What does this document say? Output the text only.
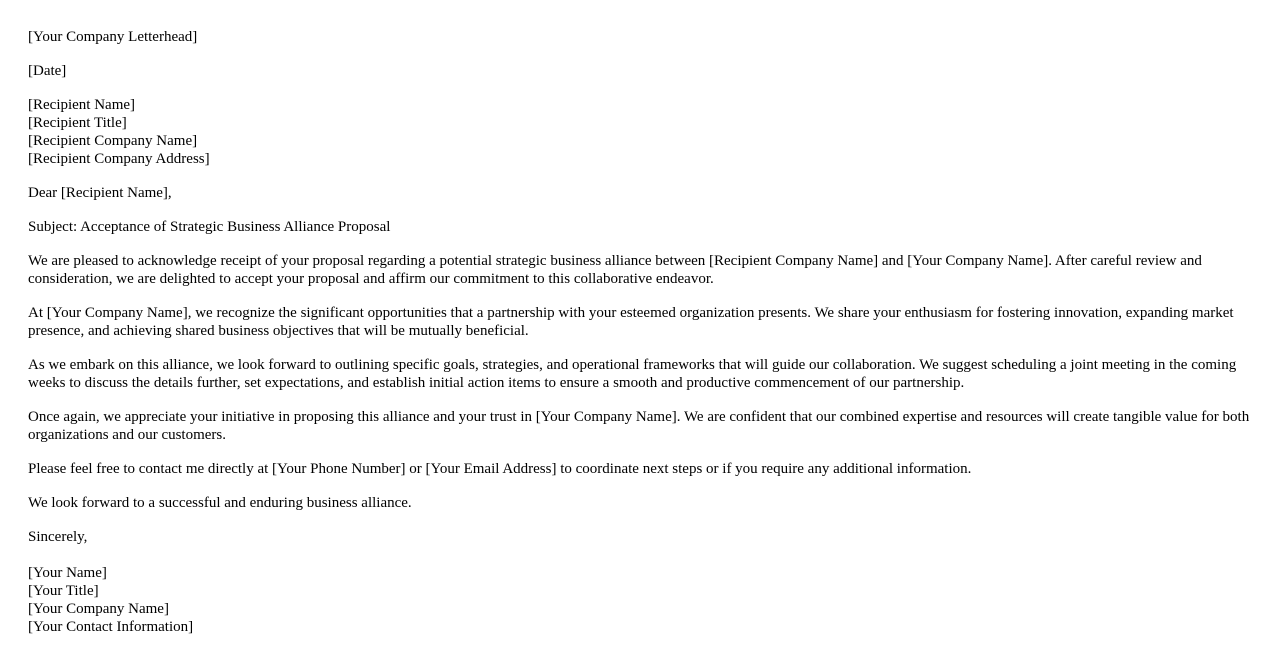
[Your Company Letterhead]

[Date]

[Recipient Name]
[Recipient Title]
[Recipient Company Name]
[Recipient Company Address]

Dear [Recipient Name],

Subject: Acceptance of Strategic Business Alliance Proposal

We are pleased to acknowledge receipt of your proposal regarding a potential strategic business alliance between [Recipient Company Name] and [Your Company Name]. After careful review and consideration, we are delighted to accept your proposal and affirm our commitment to this collaborative endeavor.

At [Your Company Name], we recognize the significant opportunities that a partnership with your esteemed organization presents. We share your enthusiasm for fostering innovation, expanding market presence, and achieving shared business objectives that will be mutually beneficial.

As we embark on this alliance, we look forward to outlining specific goals, strategies, and operational frameworks that will guide our collaboration. We suggest scheduling a joint meeting in the coming weeks to discuss the details further, set expectations, and establish initial action items to ensure a smooth and productive commencement of our partnership.

Once again, we appreciate your initiative in proposing this alliance and your trust in [Your Company Name]. We are confident that our combined expertise and resources will create tangible value for both organizations and our customers.

Please feel free to contact me directly at [Your Phone Number] or [Your Email Address] to coordinate next steps or if you require any additional information.

We look forward to a successful and enduring business alliance.

Sincerely,

[Your Name]
[Your Title]
[Your Company Name]
[Your Contact Information]
